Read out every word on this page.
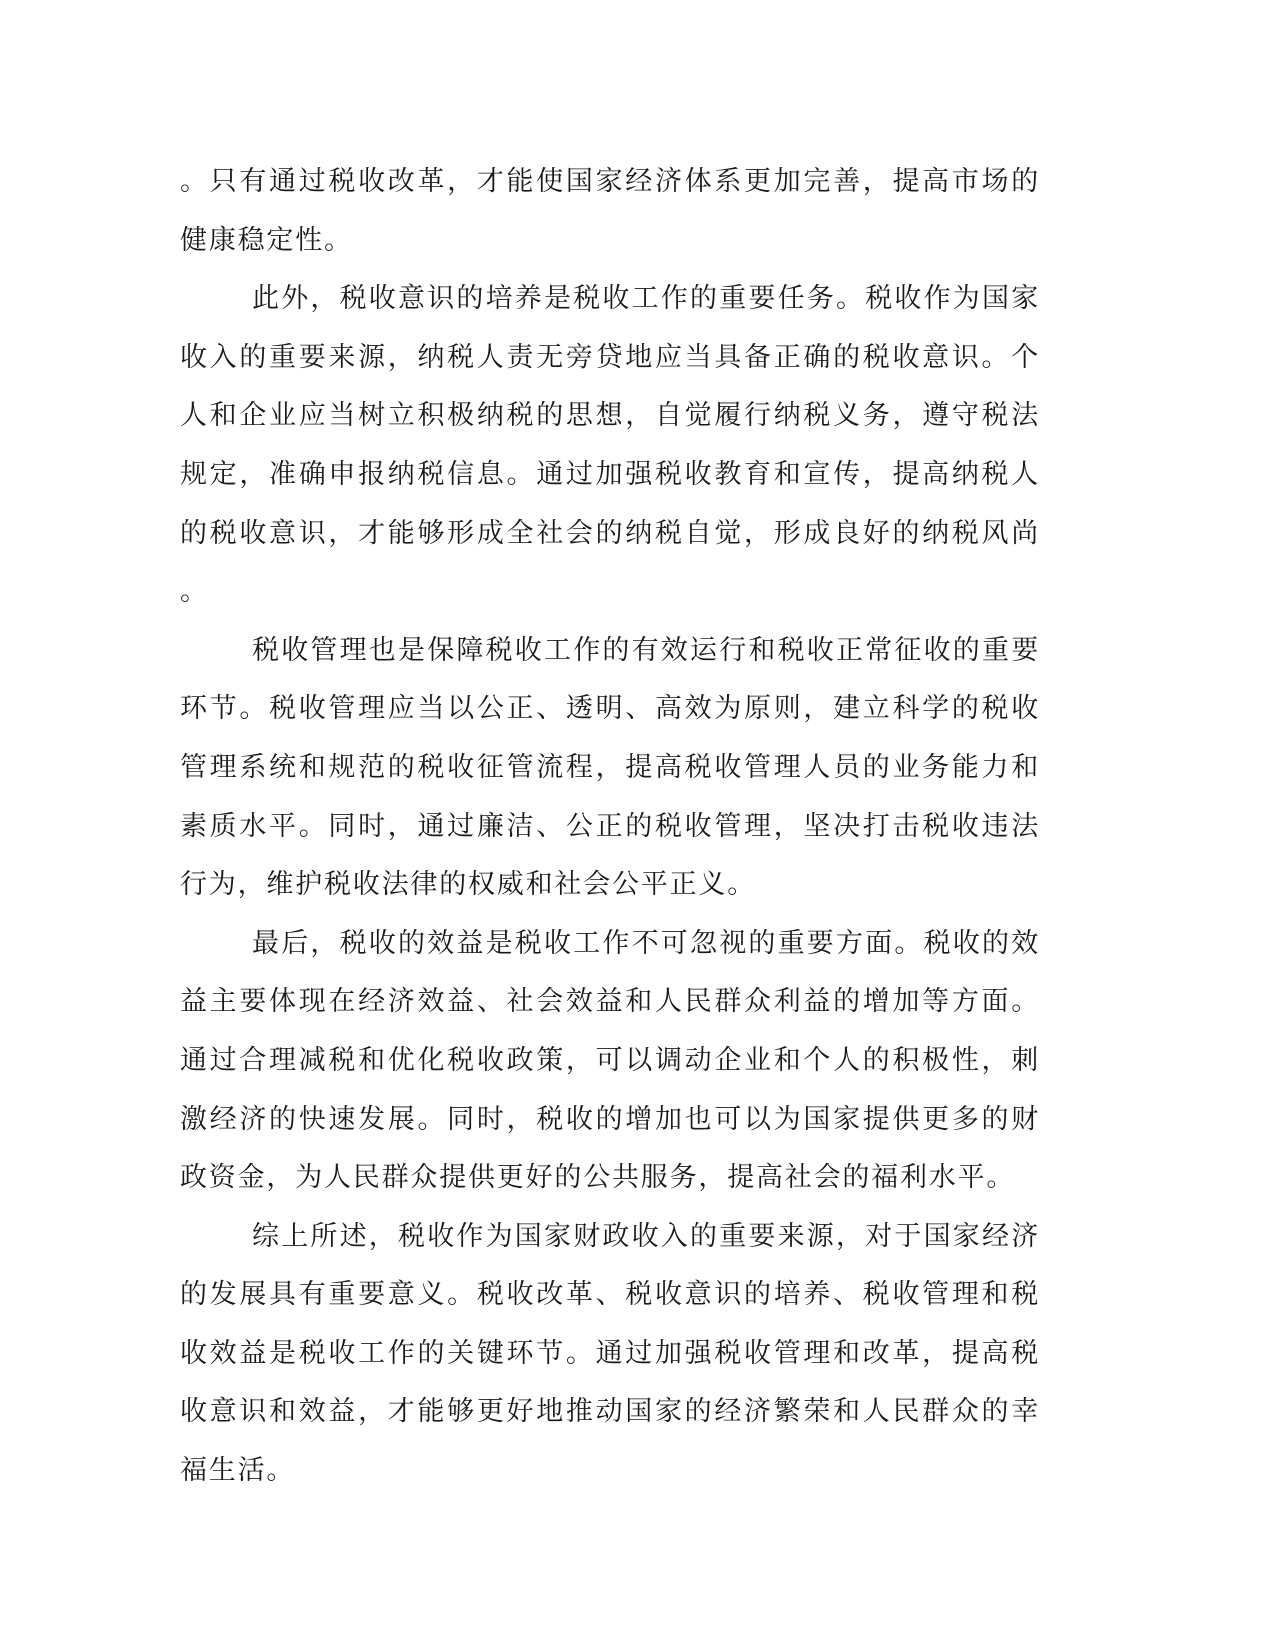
。只有通过税收改革，才能使国家经济体系更加完善，提高市场的健康稳定性。

此外，税收意识的培养是税收工作的重要任务。税收作为国家收入的重要来源，纳税人责无旁贷地应当具备正确的税收意识。个人和企业应当树立积极纳税的思想，自觉履行纳税义务，遵守税法规定，准确申报纳税信息。通过加强税收教育和宣传，提高纳税人的税收意识，才能够形成全社会的纳税自觉，形成良好的纳税风尚。

税收管理也是保障税收工作的有效运行和税收正常征收的重要环节。税收管理应当以公正、透明、高效为原则，建立科学的税收管理系统和规范的税收征管流程，提高税收管理人员的业务能力和素质水平。同时，通过廉洁、公正的税收管理，坚决打击税收违法行为，维护税收法律的权威和社会公平正义。

最后，税收的效益是税收工作不可忽视的重要方面。税收的效益主要体现在经济效益、社会效益和人民群众利益的增加等方面。通过合理减税和优化税收政策，可以调动企业和个人的积极性，刺激经济的快速发展。同时，税收的增加也可以为国家提供更多的财政资金，为人民群众提供更好的公共服务，提高社会的福利水平。

综上所述，税收作为国家财政收入的重要来源，对于国家经济的发展具有重要意义。税收改革、税收意识的培养、税收管理和税收效益是税收工作的关键环节。通过加强税收管理和改革，提高税收意识和效益，才能够更好地推动国家的经济繁荣和人民群众的幸福生活。
